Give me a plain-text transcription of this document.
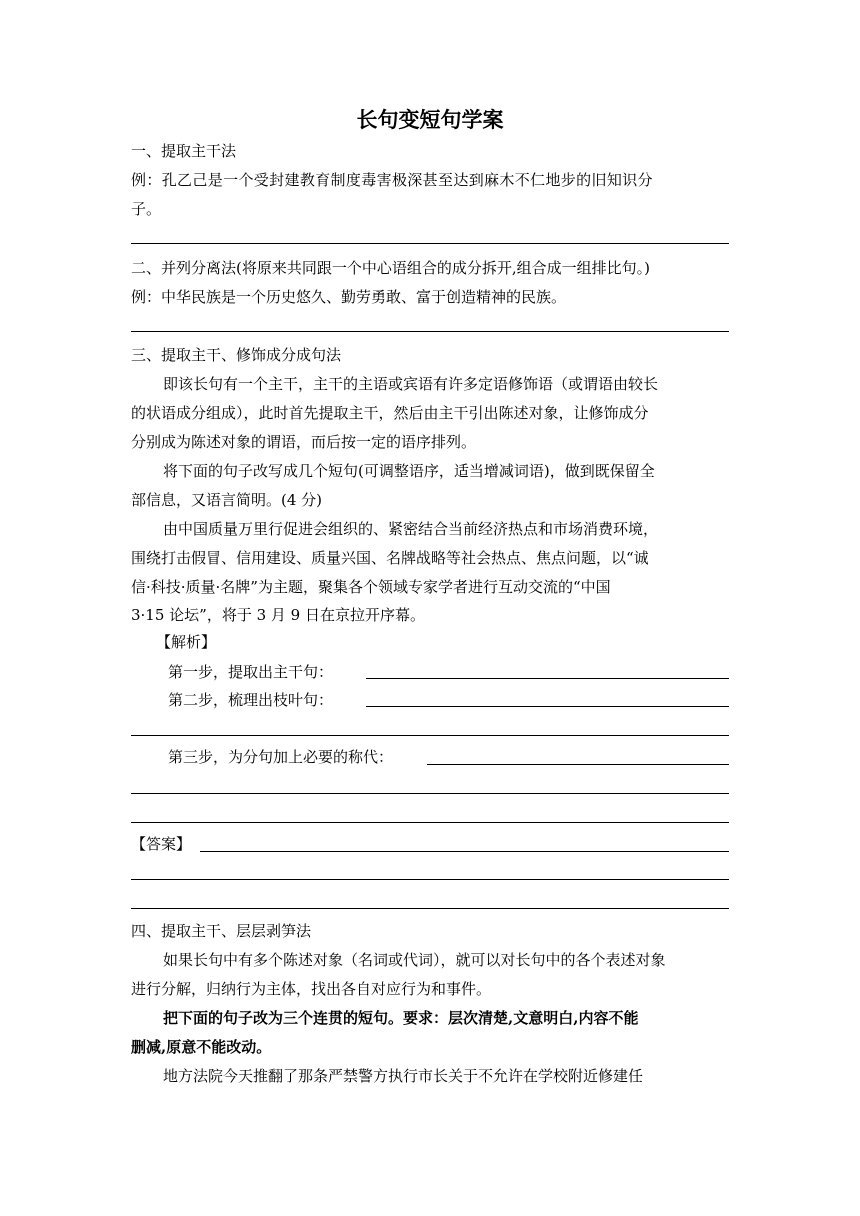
长句变短句学案

一、提取主干法

例：孔乙己是一个受封建教育制度毒害极深甚至达到麻木不仁地步的旧知识分

子。

二、并列分离法(将原来共同跟一个中心语组合的成分拆开,组合成一组排比句。)

例：中华民族是一个历史悠久、勤劳勇敢、富于创造精神的民族。

三、提取主干、修饰成分成句法

即该长句有一个主干，主干的主语或宾语有许多定语修饰语（或谓语由较长

的状语成分组成），此时首先提取主干，然后由主干引出陈述对象，让修饰成分

分别成为陈述对象的谓语，而后按一定的语序排列。

将下面的句子改写成几个短句(可调整语序，适当增减词语)，做到既保留全

部信息，又语言简明。(4 分)

由中国质量万里行促进会组织的、紧密结合当前经济热点和市场消费环境，

围绕打击假冒、信用建设、质量兴国、名牌战略等社会热点、焦点问题，以“诚

信·科技·质量·名牌”为主题，聚集各个领域专家学者进行互动交流的“中国

3·15 论坛”，将于 3 月 9 日在京拉开序幕。

【解析】

第一步，提取出主干句：

第二步，梳理出枝叶句：

第三步，为分句加上必要的称代：

【答案】

四、提取主干、层层剥笋法

如果长句中有多个陈述对象（名词或代词），就可以对长句中的各个表述对象

进行分解，归纳行为主体，找出各自对应行为和事件。

把下面的句子改为三个连贯的短句。要求：层次清楚,文意明白,内容不能

删减,原意不能改动。

地方法院今天推翻了那条严禁警方执行市长关于不允许在学校附近修建任
